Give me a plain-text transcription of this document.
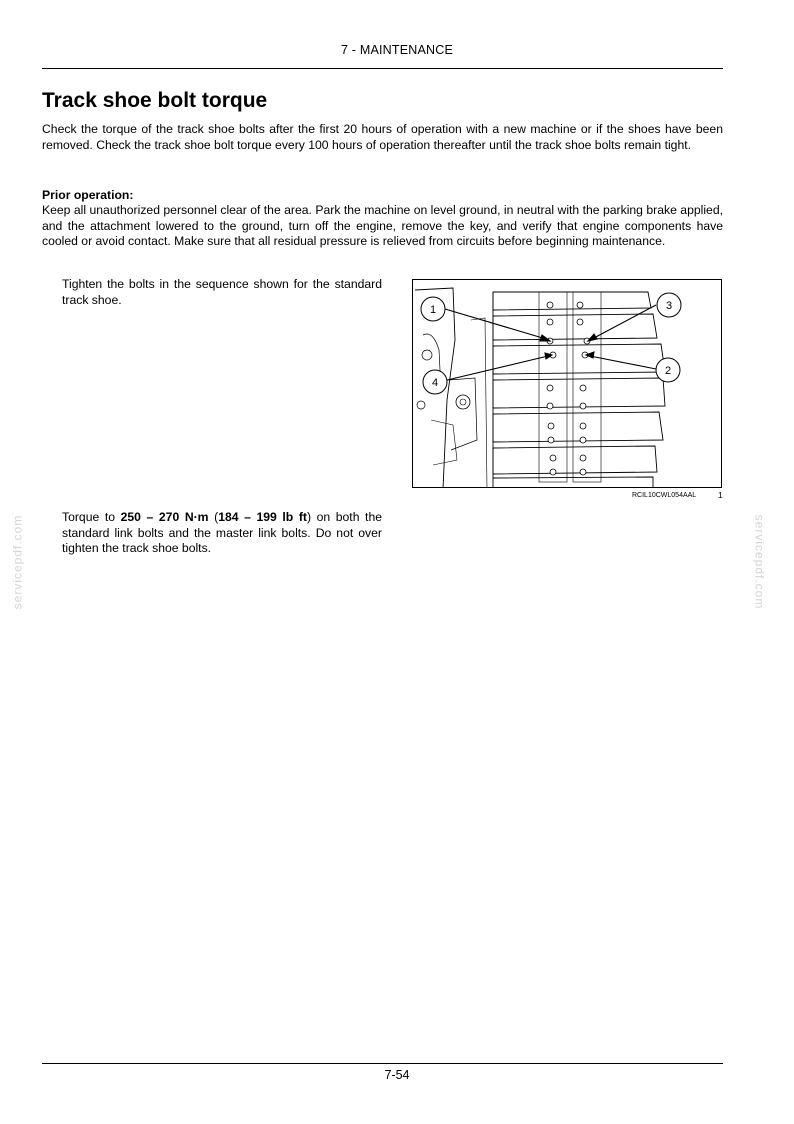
7 - MAINTENANCE
Track shoe bolt torque
Check the torque of the track shoe bolts after the first 20 hours of operation with a new machine or if the shoes have been removed. Check the track shoe bolt torque every 100 hours of operation thereafter until the track shoe bolts remain tight.
Prior operation:
Keep all unauthorized personnel clear of the area. Park the machine on level ground, in neutral with the parking brake applied, and the attachment lowered to the ground, turn off the engine, remove the key, and verify that engine components have cooled or avoid contact. Make sure that all residual pressure is relieved from circuits before beginning maintenance.
Tighten the bolts in the sequence shown for the standard track shoe.
1	3
2
4
RCIL10CWL054AAL	1
Torque to 250 – 270 N·m (184 – 199 lb ft) on both the standard link bolts and the master link bolts. Do not over tighten the track shoe bolts.
servicepdf.com	servicepdf.com
7-54
